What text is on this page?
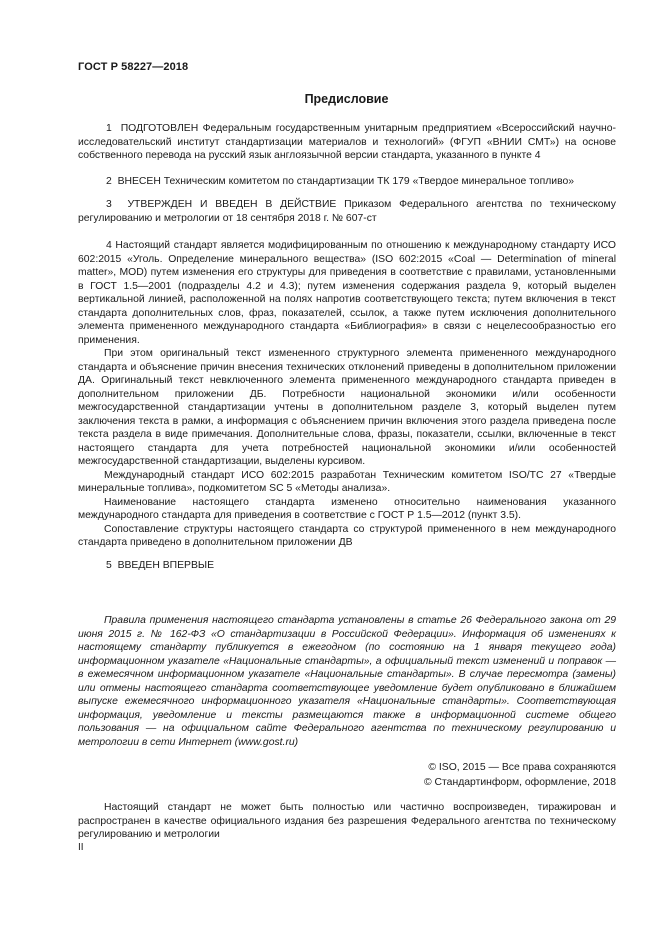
ГОСТ Р 58227—2018
Предисловие

1 ПОДГОТОВЛЕН Федеральным государственным унитарным предприятием «Всероссийский научно-исследовательский институт стандартизации материалов и технологий» (ФГУП «ВНИИ СМТ») на основе собственного перевода на русский язык англоязычной версии стандарта, указанного в пункте 4

2 ВНЕСЕН Техническим комитетом по стандартизации ТК 179 «Твердое минеральное топливо»

3 УТВЕРЖДЕН И ВВЕДЕН В ДЕЙСТВИЕ Приказом Федерального агентства по техническому регулированию и метрологии от 18 сентября 2018 г. № 607-ст

4 Настоящий стандарт является модифицированным по отношению к международному стандарту ИСО 602:2015 «Уголь. Определение минерального вещества» (ISO 602:2015 «Coal — Determination of mineral matter», MOD) путем изменения его структуры для приведения в соответствие с правилами, установленными в ГОСТ 1.5—2001 (подразделы 4.2 и 4.3); путем изменения содержания раздела 9, который выделен вертикальной линией, расположенной на полях напротив соответствующего текста; путем включения в текст стандарта дополнительных слов, фраз, показателей, ссылок, а также путем исключения дополнительного элемента примененного международного стандарта «Библиография» в связи с нецелесообразностью его применения.

При этом оригинальный текст измененного структурного элемента примененного международного стандарта и объяснение причин внесения технических отклонений приведены в дополнительном приложении ДА. Оригинальный текст невключенного элемента примененного международного стандарта приведен в дополнительном приложении ДБ. Потребности национальной экономики и/или особенности межгосударственной стандартизации учтены в дополнительном разделе 3, который выделен путем заключения текста в рамки, а информация с объяснением причин включения этого раздела приведена после текста раздела в виде примечания. Дополнительные слова, фразы, показатели, ссылки, включенные в текст настоящего стандарта для учета потребностей национальной экономики и/или особенностей межгосударственной стандартизации, выделены курсивом.

Международный стандарт ИСО 602:2015 разработан Техническим комитетом ISO/TC 27 «Твердые минеральные топлива», подкомитетом SC 5 «Методы анализа».

Наименование настоящего стандарта изменено относительно наименования указанного международного стандарта для приведения в соответствие с ГОСТ Р 1.5—2012 (пункт 3.5).

Сопоставление структуры настоящего стандарта со структурой примененного в нем международного стандарта приведено в дополнительном приложении ДВ

5 ВВЕДЕН ВПЕРВЫЕ

Правила применения настоящего стандарта установлены в статье 26 Федерального закона от 29 июня 2015 г. № 162-ФЗ «О стандартизации в Российской Федерации». Информация об изменениях к настоящему стандарту публикуется в ежегодном (по состоянию на 1 января текущего года) информационном указателе «Национальные стандарты», а официальный текст изменений и поправок — в ежемесячном информационном указателе «Национальные стандарты». В случае пересмотра (замены) или отмены настоящего стандарта соответствующее уведомление будет опубликовано в ближайшем выпуске ежемесячного информационного указателя «Национальные стандарты». Соответствующая информация, уведомление и тексты размещаются также в информационной системе общего пользования — на официальном сайте Федерального агентства по техническому регулированию и метрологии в сети Интернет (www.gost.ru)

© ISO, 2015 — Все права сохраняются
© Стандартинформ, оформление, 2018

Настоящий стандарт не может быть полностью или частично воспроизведен, тиражирован и распространен в качестве официального издания без разрешения Федерального агентства по техническому регулированию и метрологии

II
